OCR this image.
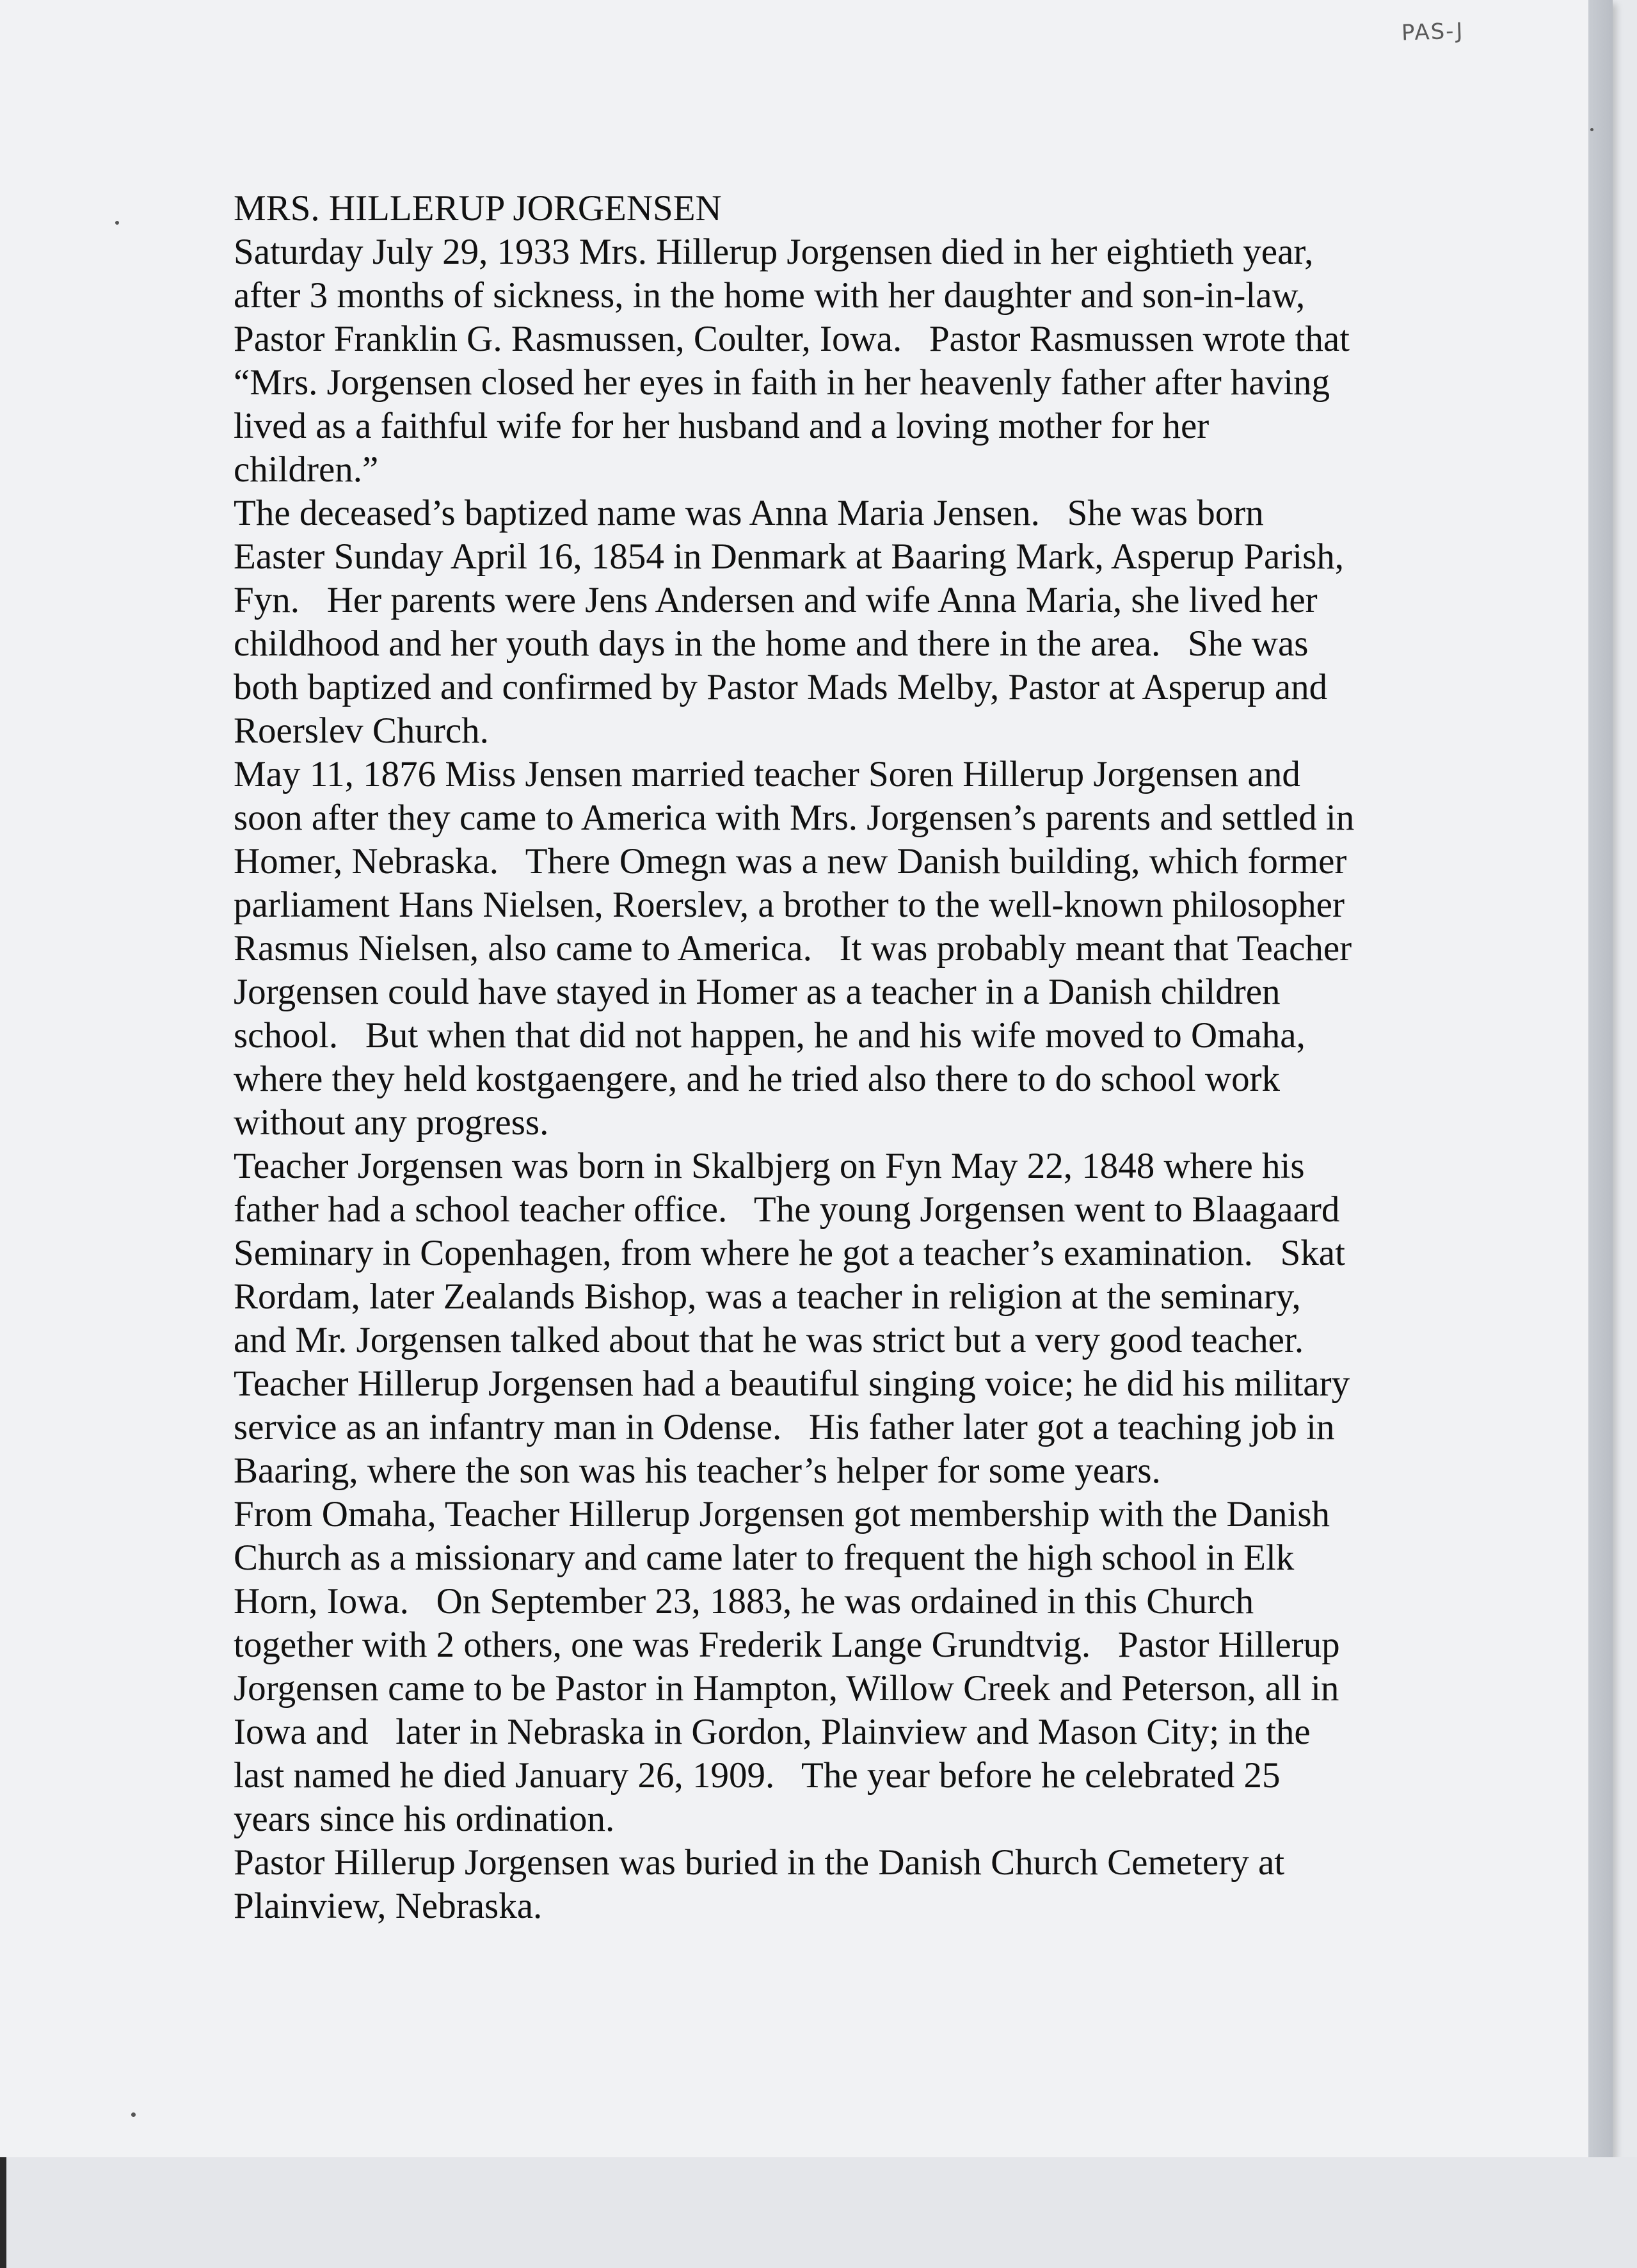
PAS-J
MRS. HILLERUP JORGENSEN

Saturday July 29, 1933 Mrs. Hillerup Jorgensen died in her eightieth year,
after 3 months of sickness, in the home with her daughter and son-in-law,
Pastor Franklin G. Rasmussen, Coulter, Iowa.   Pastor Rasmussen wrote that
“Mrs. Jorgensen closed her eyes in faith in her heavenly father after having
lived as a faithful wife for her husband and a loving mother for her
children.”

The deceased’s baptized name was Anna Maria Jensen.   She was born
Easter Sunday April 16, 1854 in Denmark at Baaring Mark, Asperup Parish,
Fyn.   Her parents were Jens Andersen and wife Anna Maria, she lived her
childhood and her youth days in the home and there in the area.   She was
both baptized and confirmed by Pastor Mads Melby, Pastor at Asperup and
Roerslev Church.

May 11, 1876 Miss Jensen married teacher Soren Hillerup Jorgensen and
soon after they came to America with Mrs. Jorgensen’s parents and settled in
Homer, Nebraska.   There Omegn was a new Danish building, which former
parliament Hans Nielsen, Roerslev, a brother to the well-known philosopher
Rasmus Nielsen, also came to America.   It was probably meant that Teacher
Jorgensen could have stayed in Homer as a teacher in a Danish children
school.   But when that did not happen, he and his wife moved to Omaha,
where they held kostgaengere, and he tried also there to do school work
without any progress.

Teacher Jorgensen was born in Skalbjerg on Fyn May 22, 1848 where his
father had a school teacher office.   The young Jorgensen went to Blaagaard
Seminary in Copenhagen, from where he got a teacher’s examination.   Skat
Rordam, later Zealands Bishop, was a teacher in religion at the seminary,
and Mr. Jorgensen talked about that he was strict but a very good teacher.
Teacher Hillerup Jorgensen had a beautiful singing voice; he did his military
service as an infantry man in Odense.   His father later got a teaching job in
Baaring, where the son was his teacher’s helper for some years.

From Omaha, Teacher Hillerup Jorgensen got membership with the Danish
Church as a missionary and came later to frequent the high school in Elk
Horn, Iowa.   On September 23, 1883, he was ordained in this Church
together with 2 others, one was Frederik Lange Grundtvig.   Pastor Hillerup
Jorgensen came to be Pastor in Hampton, Willow Creek and Peterson, all in
Iowa and   later in Nebraska in Gordon, Plainview and Mason City; in the
last named he died January 26, 1909.   The year before he celebrated 25
years since his ordination.

Pastor Hillerup Jorgensen was buried in the Danish Church Cemetery at
Plainview, Nebraska.
